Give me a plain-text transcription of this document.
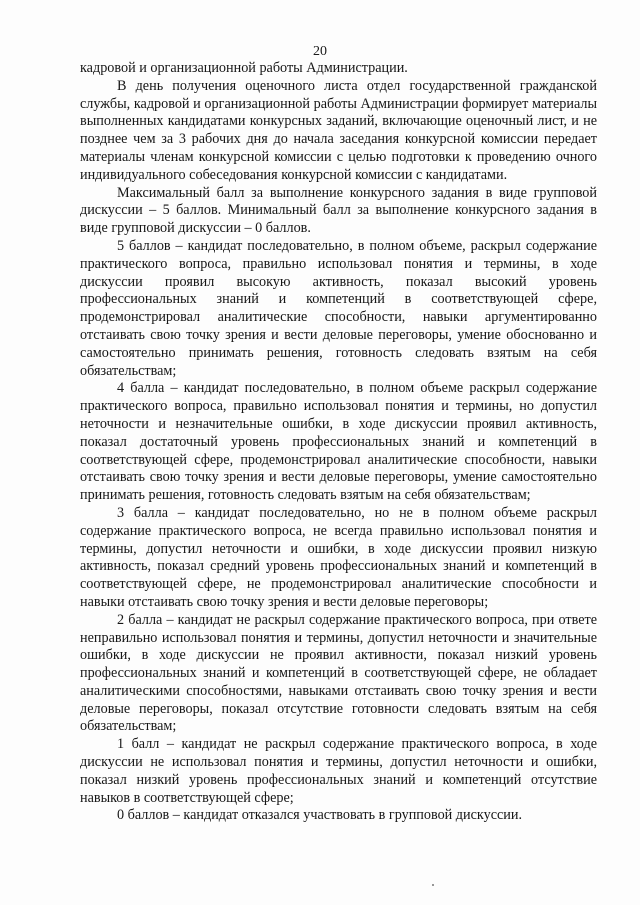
20

кадровой и организационной работы Администрации.

В день получения оценочного листа отдел государственной гражданской службы, кадровой и организационной работы Администрации формирует материалы выполненных кандидатами конкурсных заданий, включающие оценочный лист, и не позднее чем за 3 рабочих дня до начала заседания конкурсной комиссии передает материалы членам конкурсной комиссии с целью подготовки к проведению очного индивидуального собеседования конкурсной комиссии с кандидатами.

Максимальный балл за выполнение конкурсного задания в виде групповой дискуссии – 5 баллов. Минимальный балл за выполнение конкурсного задания в виде групповой дискуссии – 0 баллов.

5 баллов – кандидат последовательно, в полном объеме, раскрыл содержание практического вопроса, правильно использовал понятия и термины, в ходе дискуссии проявил высокую активность, показал высокий уровень профессиональных знаний и компетенций в соответствующей сфере, продемонстрировал аналитические способности, навыки аргументированно отстаивать свою точку зрения и вести деловые переговоры, умение обоснованно и самостоятельно принимать решения, готовность следовать взятым на себя обязательствам;

4 балла – кандидат последовательно, в полном объеме раскрыл содержание практического вопроса, правильно использовал понятия и термины, но допустил неточности и незначительные ошибки, в ходе дискуссии проявил активность, показал достаточный уровень профессиональных знаний и компетенций в соответствующей сфере, продемонстрировал аналитические способности, навыки отстаивать свою точку зрения и вести деловые переговоры, умение самостоятельно принимать решения, готовность следовать взятым на себя обязательствам;

3 балла – кандидат последовательно, но не в полном объеме раскрыл содержание практического вопроса, не всегда правильно использовал понятия и термины, допустил неточности и ошибки, в ходе дискуссии проявил низкую активность, показал средний уровень профессиональных знаний и компетенций в соответствующей сфере, не продемонстрировал аналитические способности и навыки отстаивать свою точку зрения и вести деловые переговоры;

2 балла – кандидат не раскрыл содержание практического вопроса, при ответе неправильно использовал понятия и термины, допустил неточности и значительные ошибки, в ходе дискуссии не проявил активности, показал низкий уровень профессиональных знаний и компетенций в соответствующей сфере, не обладает аналитическими способностями, навыками отстаивать свою точку зрения и вести деловые переговоры, показал отсутствие готовности следовать взятым на себя обязательствам;

1 балл – кандидат не раскрыл содержание практического вопроса, в ходе дискуссии не использовал понятия и термины, допустил неточности и ошибки, показал низкий уровень профессиональных знаний и компетенций отсутствие навыков в соответствующей сфере;

0 баллов – кандидат отказался участвовать в групповой дискуссии.
